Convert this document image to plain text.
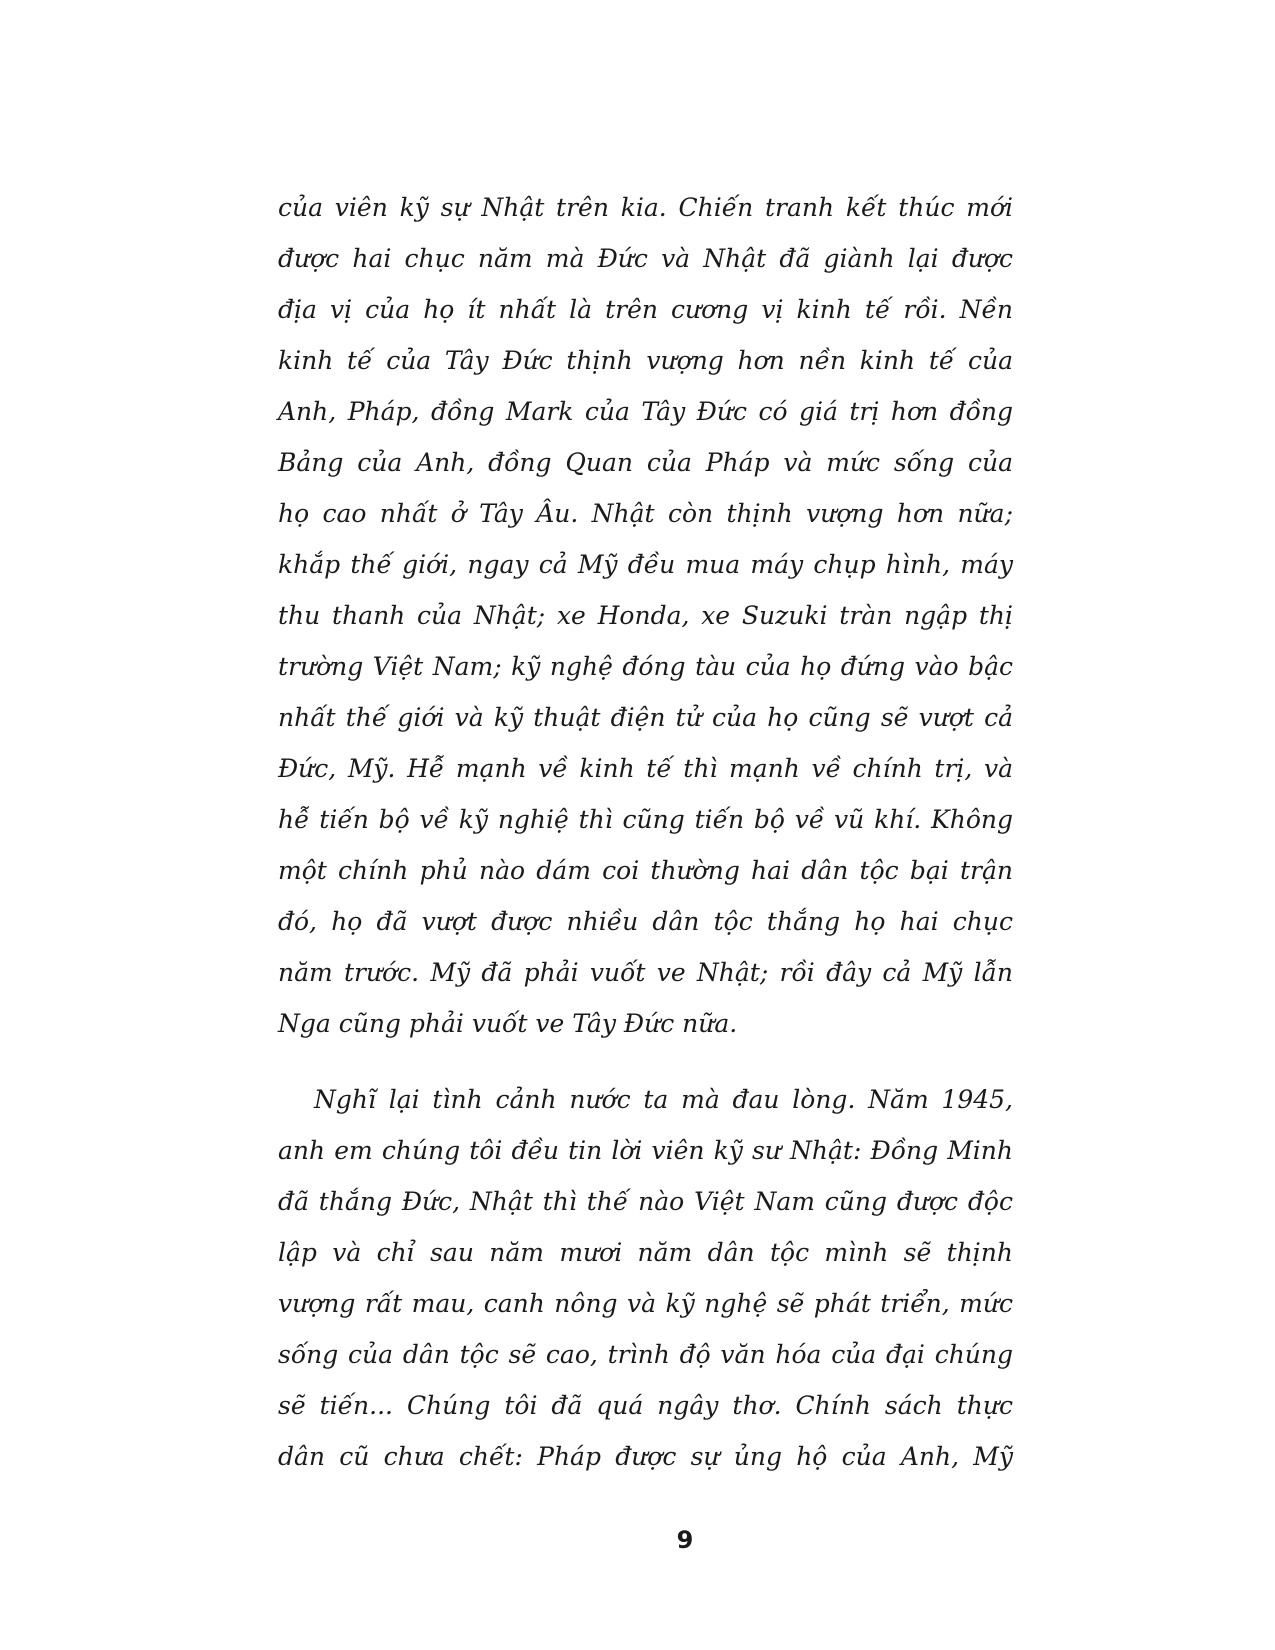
của viên kỹ sự Nhật trên kia. Chiến tranh kết thúc mới
được hai chục năm mà Đức và Nhật đã giành lại được
địa vị của họ ít nhất là trên cương vị kinh tế rồi. Nền
kinh tế của Tây Đức thịnh vượng hơn nền kinh tế của
Anh, Pháp, đồng Mark của Tây Đức có giá trị hơn đồng
Bảng của Anh, đồng Quan của Pháp và mức sống của
họ cao nhất ở Tây Âu. Nhật còn thịnh vượng hơn nữa;
khắp thế giới, ngay cả Mỹ đều mua máy chụp hình, máy
thu thanh của Nhật; xe Honda, xe Suzuki tràn ngập thị
trường Việt Nam; kỹ nghệ đóng tàu của họ đứng vào bậc
nhất thế giới và kỹ thuật điện tử của họ cũng sẽ vượt cả
Đức, Mỹ. Hễ mạnh về kinh tế thì mạnh về chính trị, và
hễ tiến bộ về kỹ nghiệ thì cũng tiến bộ về vũ khí. Không
một chính phủ nào dám coi thường hai dân tộc bại trận
đó, họ đã vượt được nhiều dân tộc thắng họ hai chục
năm trước. Mỹ đã phải vuốt ve Nhật; rồi đây cả Mỹ lẫn
Nga cũng phải vuốt ve Tây Đức nữa.
Nghĩ lại tình cảnh nước ta mà đau lòng. Năm 1945,
anh em chúng tôi đều tin lời viên kỹ sư Nhật: Đồng Minh
đã thắng Đức, Nhật thì thế nào Việt Nam cũng được độc
lập và chỉ sau năm mươi năm dân tộc mình sẽ thịnh
vượng rất mau, canh nông và kỹ nghệ sẽ phát triển, mức
sống của dân tộc sẽ cao, trình độ văn hóa của đại chúng
sẽ tiến... Chúng tôi đã quá ngây thơ. Chính sách thực
dân cũ chưa chết: Pháp được sự ủng hộ của Anh, Mỹ
9
